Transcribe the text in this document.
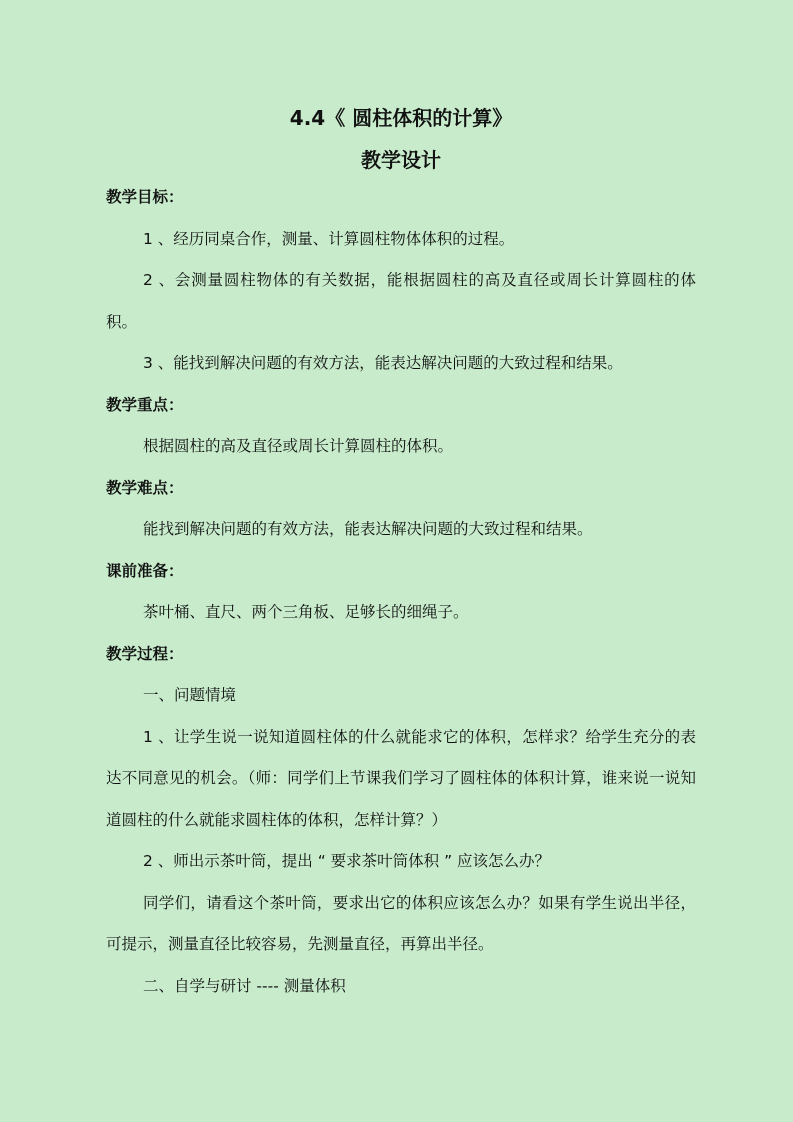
4.4《 圆柱体积的计算》
教学设计

教学目标：

1 、经历同桌合作，测量、计算圆柱物体体积的过程。

2 、会测量圆柱物体的有关数据，能根据圆柱的高及直径或周长计算圆柱的体积。

3 、能找到解决问题的有效方法，能表达解决问题的大致过程和结果。

教学重点：

根据圆柱的高及直径或周长计算圆柱的体积。

教学难点：

能找到解决问题的有效方法，能表达解决问题的大致过程和结果。

课前准备：

茶叶桶、直尺、两个三角板、足够长的细绳子。

教学过程：

一、问题情境

1 、让学生说一说知道圆柱体的什么就能求它的体积，怎样求？给学生充分的表达不同意见的机会。（师：同学们上节课我们学习了圆柱体的体积计算，谁来说一说知道圆柱的什么就能求圆柱体的体积，怎样计算？）

2 、师出示茶叶筒，提出 “ 要求茶叶筒体积 ” 应该怎么办？

同学们，请看这个茶叶筒，要求出它的体积应该怎么办？如果有学生说出半径，可提示，测量直径比较容易，先测量直径，再算出半径。

二、自学与研讨 ---- 测量体积
